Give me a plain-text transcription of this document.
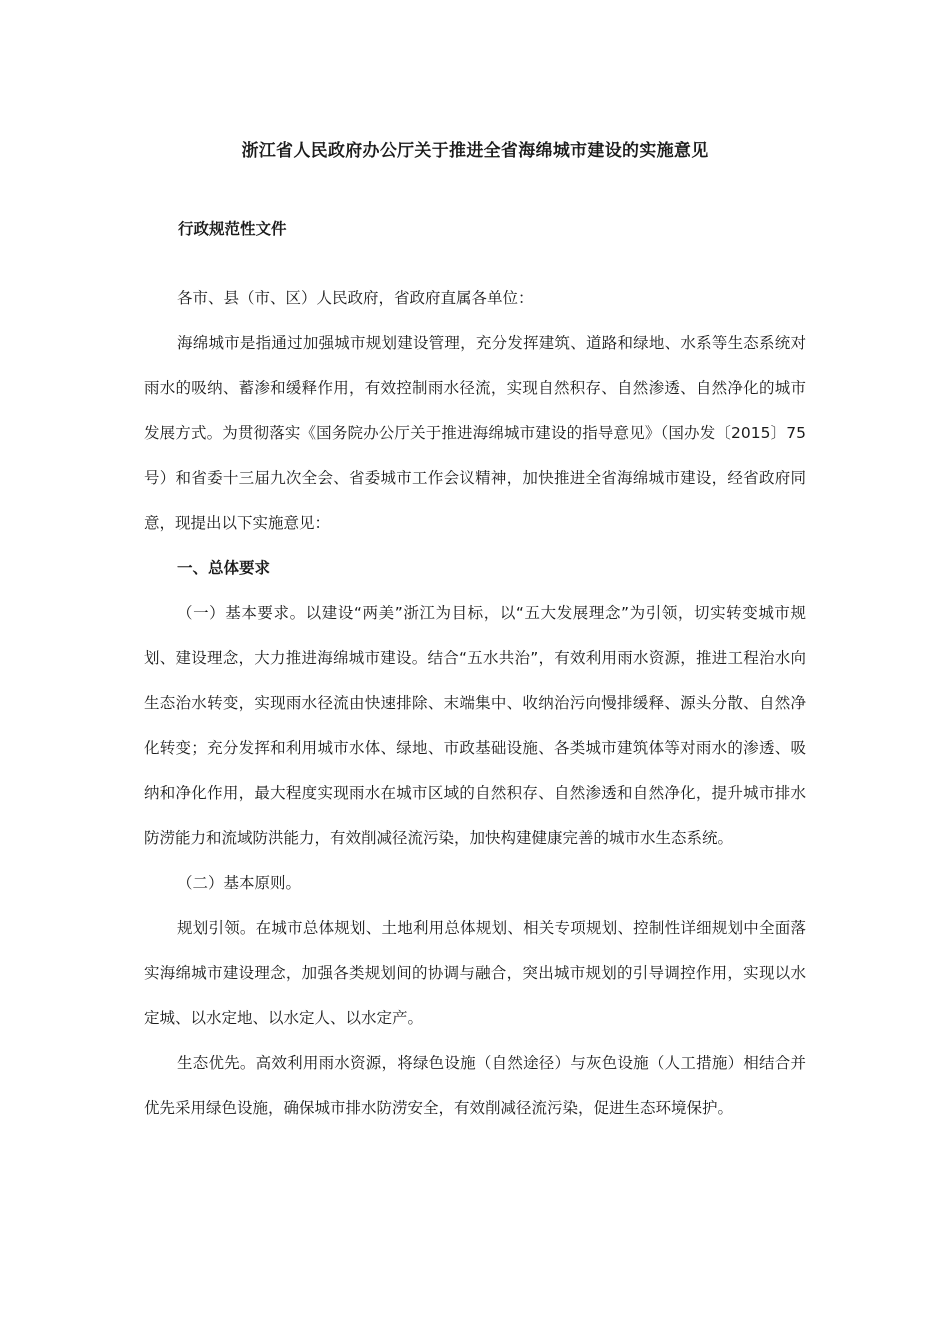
浙江省人民政府办公厅关于推进全省海绵城市建设的实施意见
行政规范性文件

各市、县（市、区）人民政府，省政府直属各单位：

海绵城市是指通过加强城市规划建设管理，充分发挥建筑、道路和绿地、水系等生态系统对雨水的吸纳、蓄渗和缓释作用，有效控制雨水径流，实现自然积存、自然渗透、自然净化的城市发展方式。为贯彻落实《国务院办公厅关于推进海绵城市建设的指导意见》（国办发〔2015〕75号）和省委十三届九次全会、省委城市工作会议精神，加快推进全省海绵城市建设，经省政府同意，现提出以下实施意见：

一、总体要求

（一）基本要求。以建设“两美”浙江为目标，以“五大发展理念”为引领，切实转变城市规划、建设理念，大力推进海绵城市建设。结合“五水共治”，有效利用雨水资源，推进工程治水向生态治水转变，实现雨水径流由快速排除、末端集中、收纳治污向慢排缓释、源头分散、自然净化转变；充分发挥和利用城市水体、绿地、市政基础设施、各类城市建筑体等对雨水的渗透、吸纳和净化作用，最大程度实现雨水在城市区域的自然积存、自然渗透和自然净化，提升城市排水防涝能力和流域防洪能力，有效削减径流污染，加快构建健康完善的城市水生态系统。

（二）基本原则。

规划引领。在城市总体规划、土地利用总体规划、相关专项规划、控制性详细规划中全面落实海绵城市建设理念，加强各类规划间的协调与融合，突出城市规划的引导调控作用，实现以水定城、以水定地、以水定人、以水定产。

生态优先。高效利用雨水资源，将绿色设施（自然途径）与灰色设施（人工措施）相结合并优先采用绿色设施，确保城市排水防涝安全，有效削减径流污染，促进生态环境保护。
